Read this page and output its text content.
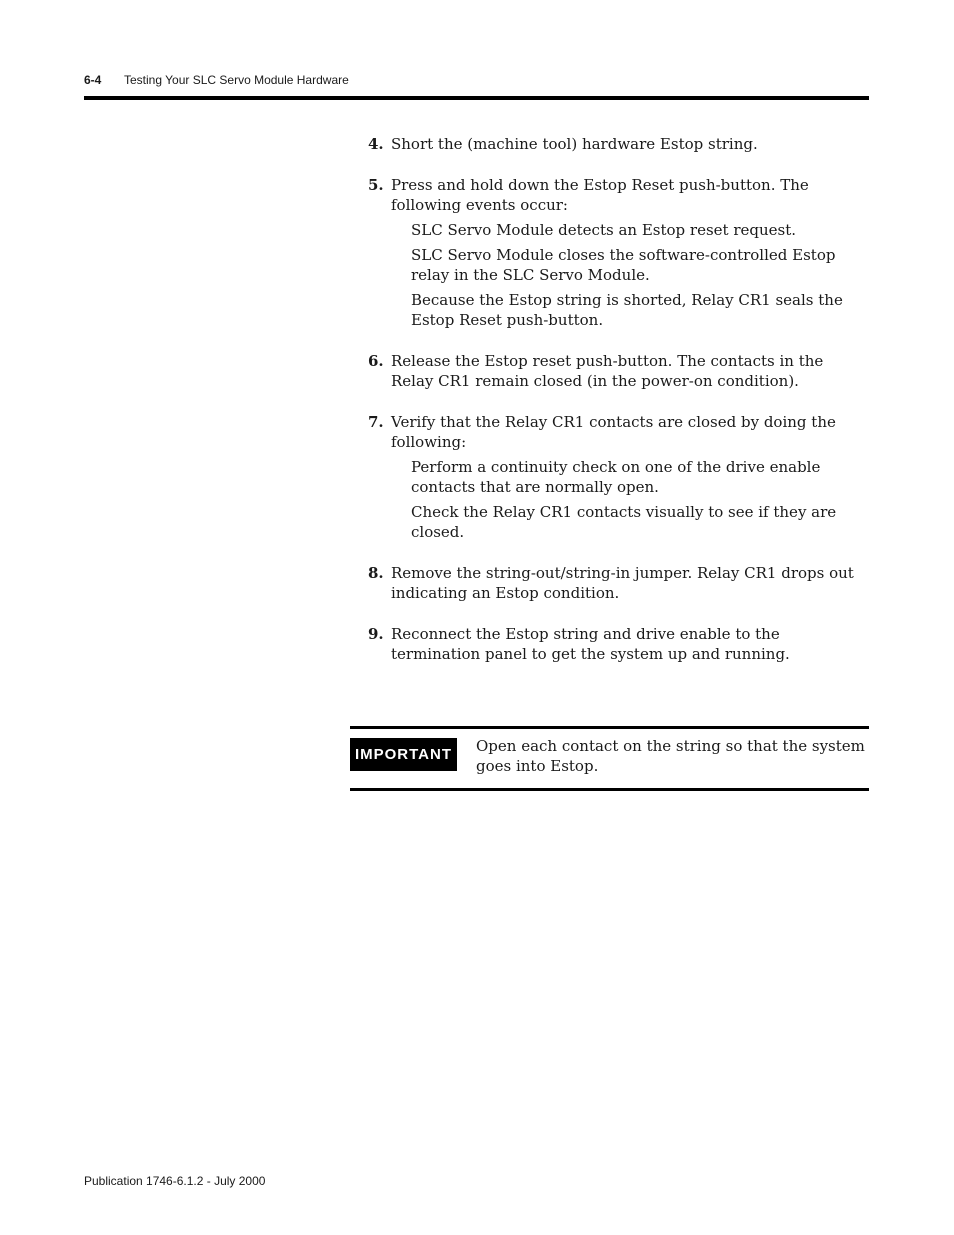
6-4 Testing Your SLC Servo Module Hardware
4. Short the (machine tool) hardware Estop string.
5. Press and hold down the Estop Reset push-button. The following events occur:
SLC Servo Module detects an Estop reset request.
SLC Servo Module closes the software-controlled Estop relay in the SLC Servo Module.
Because the Estop string is shorted, Relay CR1 seals the Estop Reset push-button.
6. Release the Estop reset push-button. The contacts in the Relay CR1 remain closed (in the power-on condition).
7. Verify that the Relay CR1 contacts are closed by doing the following:
Perform a continuity check on one of the drive enable contacts that are normally open.
Check the Relay CR1 contacts visually to see if they are closed.
8. Remove the string-out/string-in jumper. Relay CR1 drops out indicating an Estop condition.
9. Reconnect the Estop string and drive enable to the termination panel to get the system up and running.
IMPORTANT	Open each contact on the string so that the system goes into Estop.
Publication 1746-6.1.2 - July 2000
